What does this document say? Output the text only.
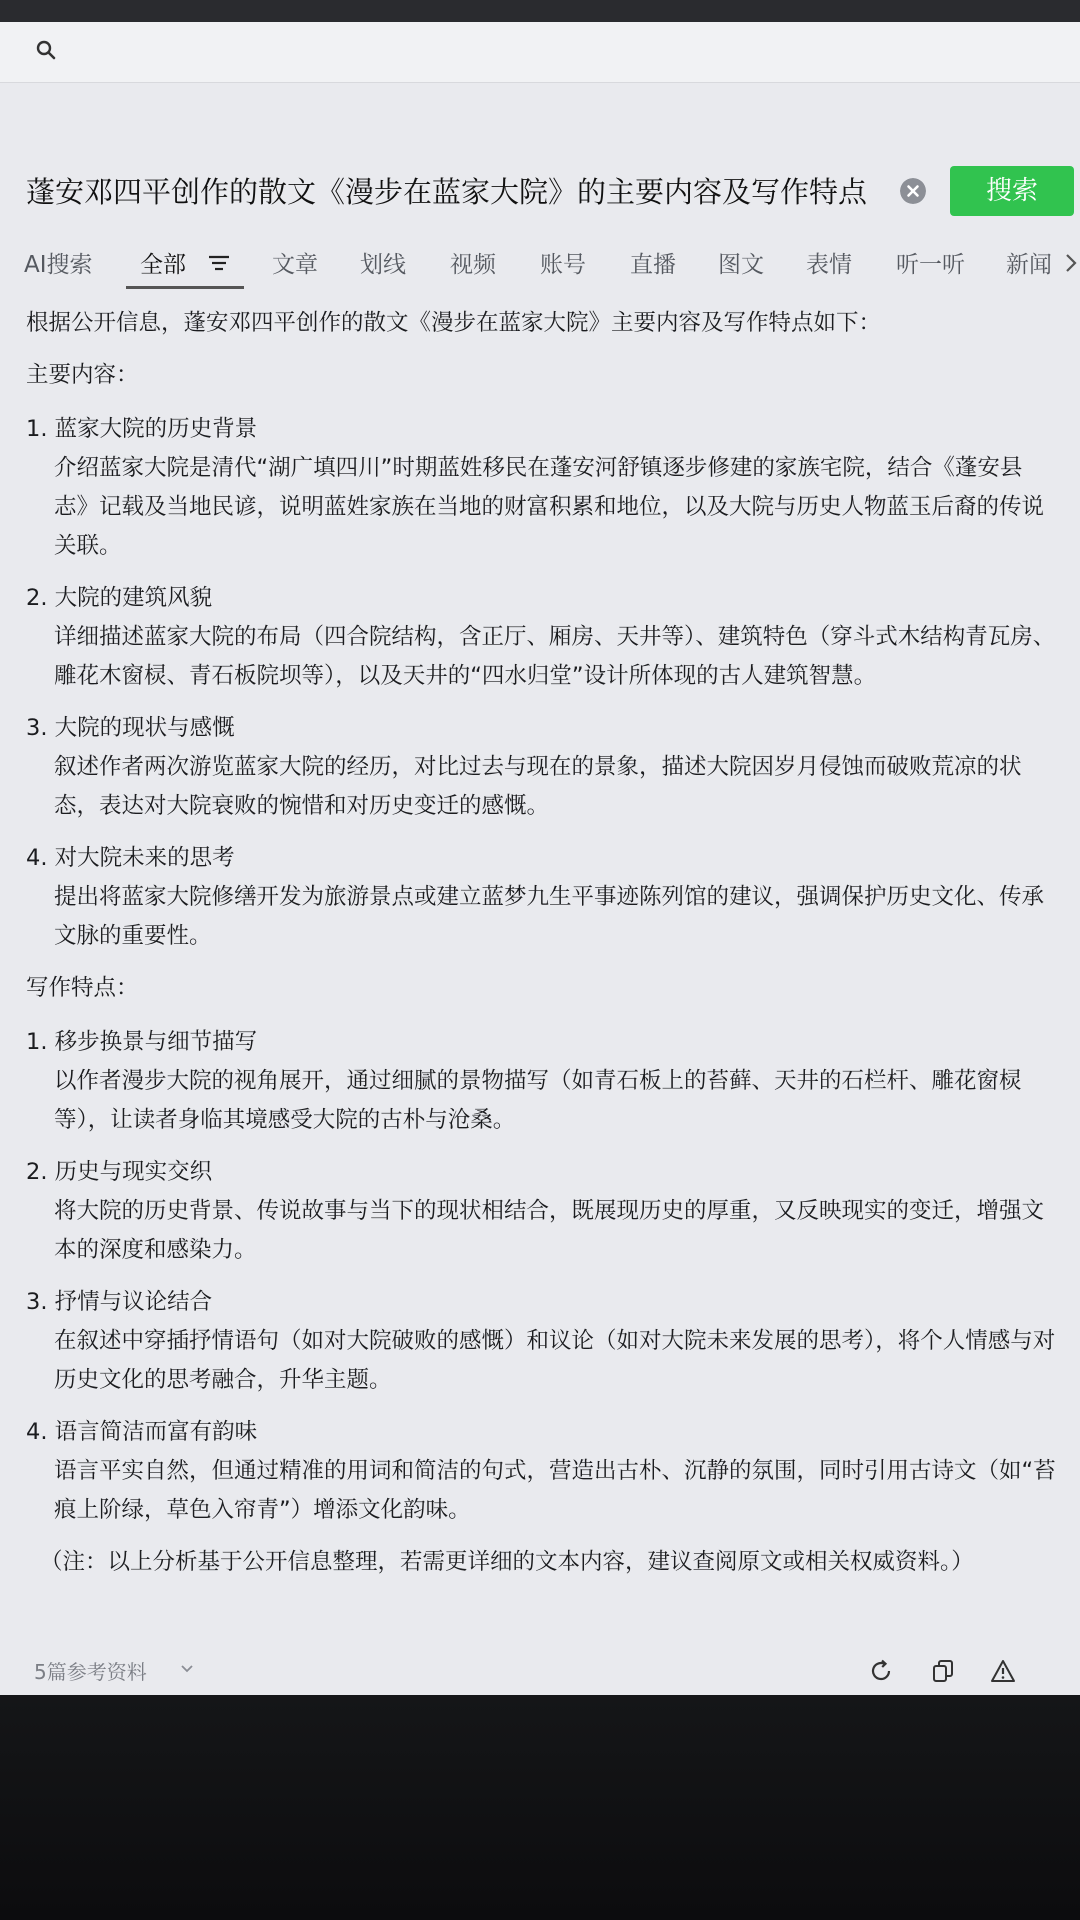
蓬安邓四平创作的散文《漫步在蓝家大院》的主要内容及写作特点	搜索
AI搜索 全部	文章 划线 视频 账号 直播 图文 表情 听一听 新闻

根据公开信息，蓬安邓四平创作的散文《漫步在蓝家大院》主要内容及写作特点如下：

主要内容：

1. 蓝家大院的历史背景

介绍蓝家大院是清代“湖广填四川”时期蓝姓移民在蓬安河舒镇逐步修建的家族宅院，结合《蓬安县志》记载及当地民谚，说明蓝姓家族在当地的财富积累和地位，以及大院与历史人物蓝玉后裔的传说关联。

2. 大院的建筑风貌

详细描述蓝家大院的布局（四合院结构，含正厅、厢房、天井等）、建筑特色（穿斗式木结构青瓦房、雕花木窗棂、青石板院坝等），以及天井的“四水归堂”设计所体现的古人建筑智慧。

3. 大院的现状与感慨

叙述作者两次游览蓝家大院的经历，对比过去与现在的景象，描述大院因岁月侵蚀而破败荒凉的状态，表达对大院衰败的惋惜和对历史变迁的感慨。

4. 对大院未来的思考

提出将蓝家大院修缮开发为旅游景点或建立蓝梦九生平事迹陈列馆的建议，强调保护历史文化、传承文脉的重要性。

写作特点：

1. 移步换景与细节描写

以作者漫步大院的视角展开，通过细腻的景物描写（如青石板上的苔藓、天井的石栏杆、雕花窗棂等），让读者身临其境感受大院的古朴与沧桑。

2. 历史与现实交织

将大院的历史背景、传说故事与当下的现状相结合，既展现历史的厚重，又反映现实的变迁，增强文本的深度和感染力。

3. 抒情与议论结合

在叙述中穿插抒情语句（如对大院破败的感慨）和议论（如对大院未来发展的思考），将个人情感与对历史文化的思考融合，升华主题。

4. 语言简洁而富有韵味

语言平实自然，但通过精准的用词和简洁的句式，营造出古朴、沉静的氛围，同时引用古诗文（如“苔痕上阶绿，草色入帘青”）增添文化韵味。

（注：以上分析基于公开信息整理，若需更详细的文本内容，建议查阅原文或相关权威资料。）

5篇参考资料
